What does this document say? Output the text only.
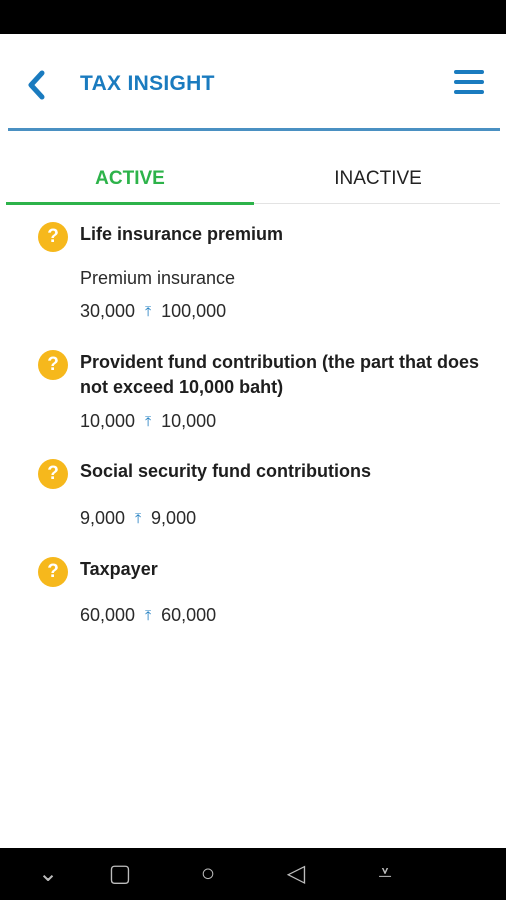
TAX INSIGHT
ACTIVE	INACTIVE
?	Life insurance premium
Premium insurance
30,000 ⤒ 100,000
?	Provident fund contribution (the part that does not exceed 10,000 baht)
10,000 ⤒ 10,000
?	Social security fund contributions
9,000 ⤒ 9,000
?	Taxpayer
60,000 ⤒ 60,000
⌄	▢	○	◁	⩡
